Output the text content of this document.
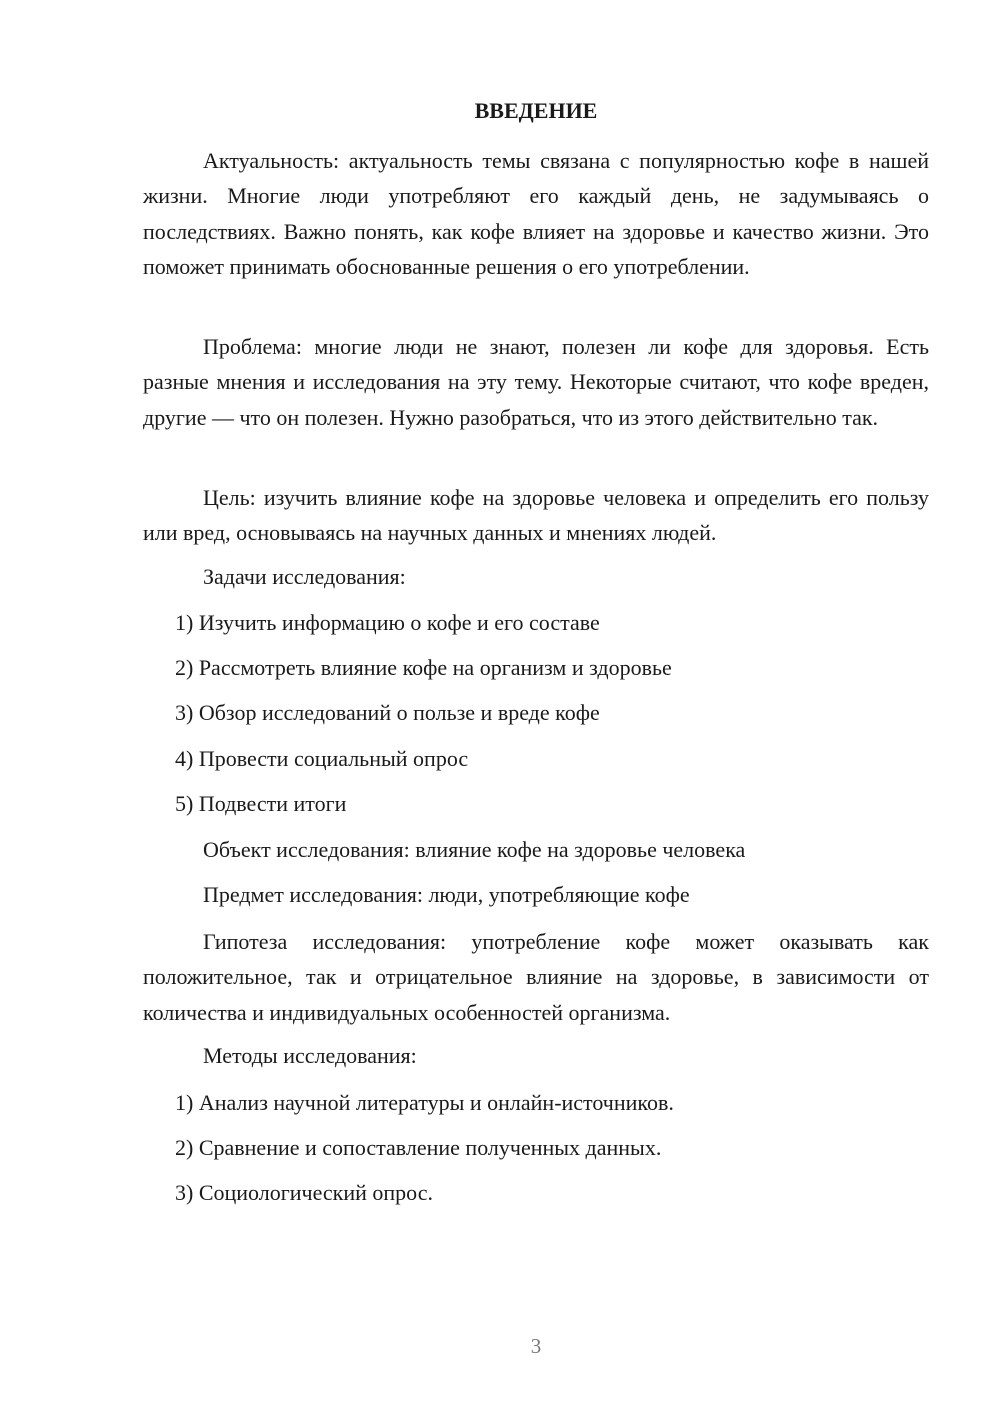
ВВЕДЕНИЕ

Актуальность: актуальность темы связана с популярностью кофе в нашей жизни. Многие люди употребляют его каждый день, не задумываясь о последствиях. Важно понять, как кофе влияет на здоровье и качество жизни. Это поможет принимать обоснованные решения о его употреблении.

Проблема: многие люди не знают, полезен ли кофе для здоровья. Есть разные мнения и исследования на эту тему. Некоторые считают, что кофе вреден, другие — что он полезен. Нужно разобраться, что из этого действительно так.

Цель: изучить влияние кофе на здоровье человека и определить его пользу или вред, основываясь на научных данных и мнениях людей.

Задачи исследования:

1) Изучить информацию о кофе и его составе

2) Рассмотреть влияние кофе на организм и здоровье

3) Обзор исследований о пользе и вреде кофе

4) Провести социальный опрос

5) Подвести итоги

Объект исследования: влияние кофе на здоровье человека

Предмет исследования: люди, употребляющие кофе

Гипотеза исследования: употребление кофе может оказывать как положительное, так и отрицательное влияние на здоровье, в зависимости от количества и индивидуальных особенностей организма.

Методы исследования:

1) Анализ научной литературы и онлайн-источников.

2) Сравнение и сопоставление полученных данных.

3) Социологический опрос.

3
